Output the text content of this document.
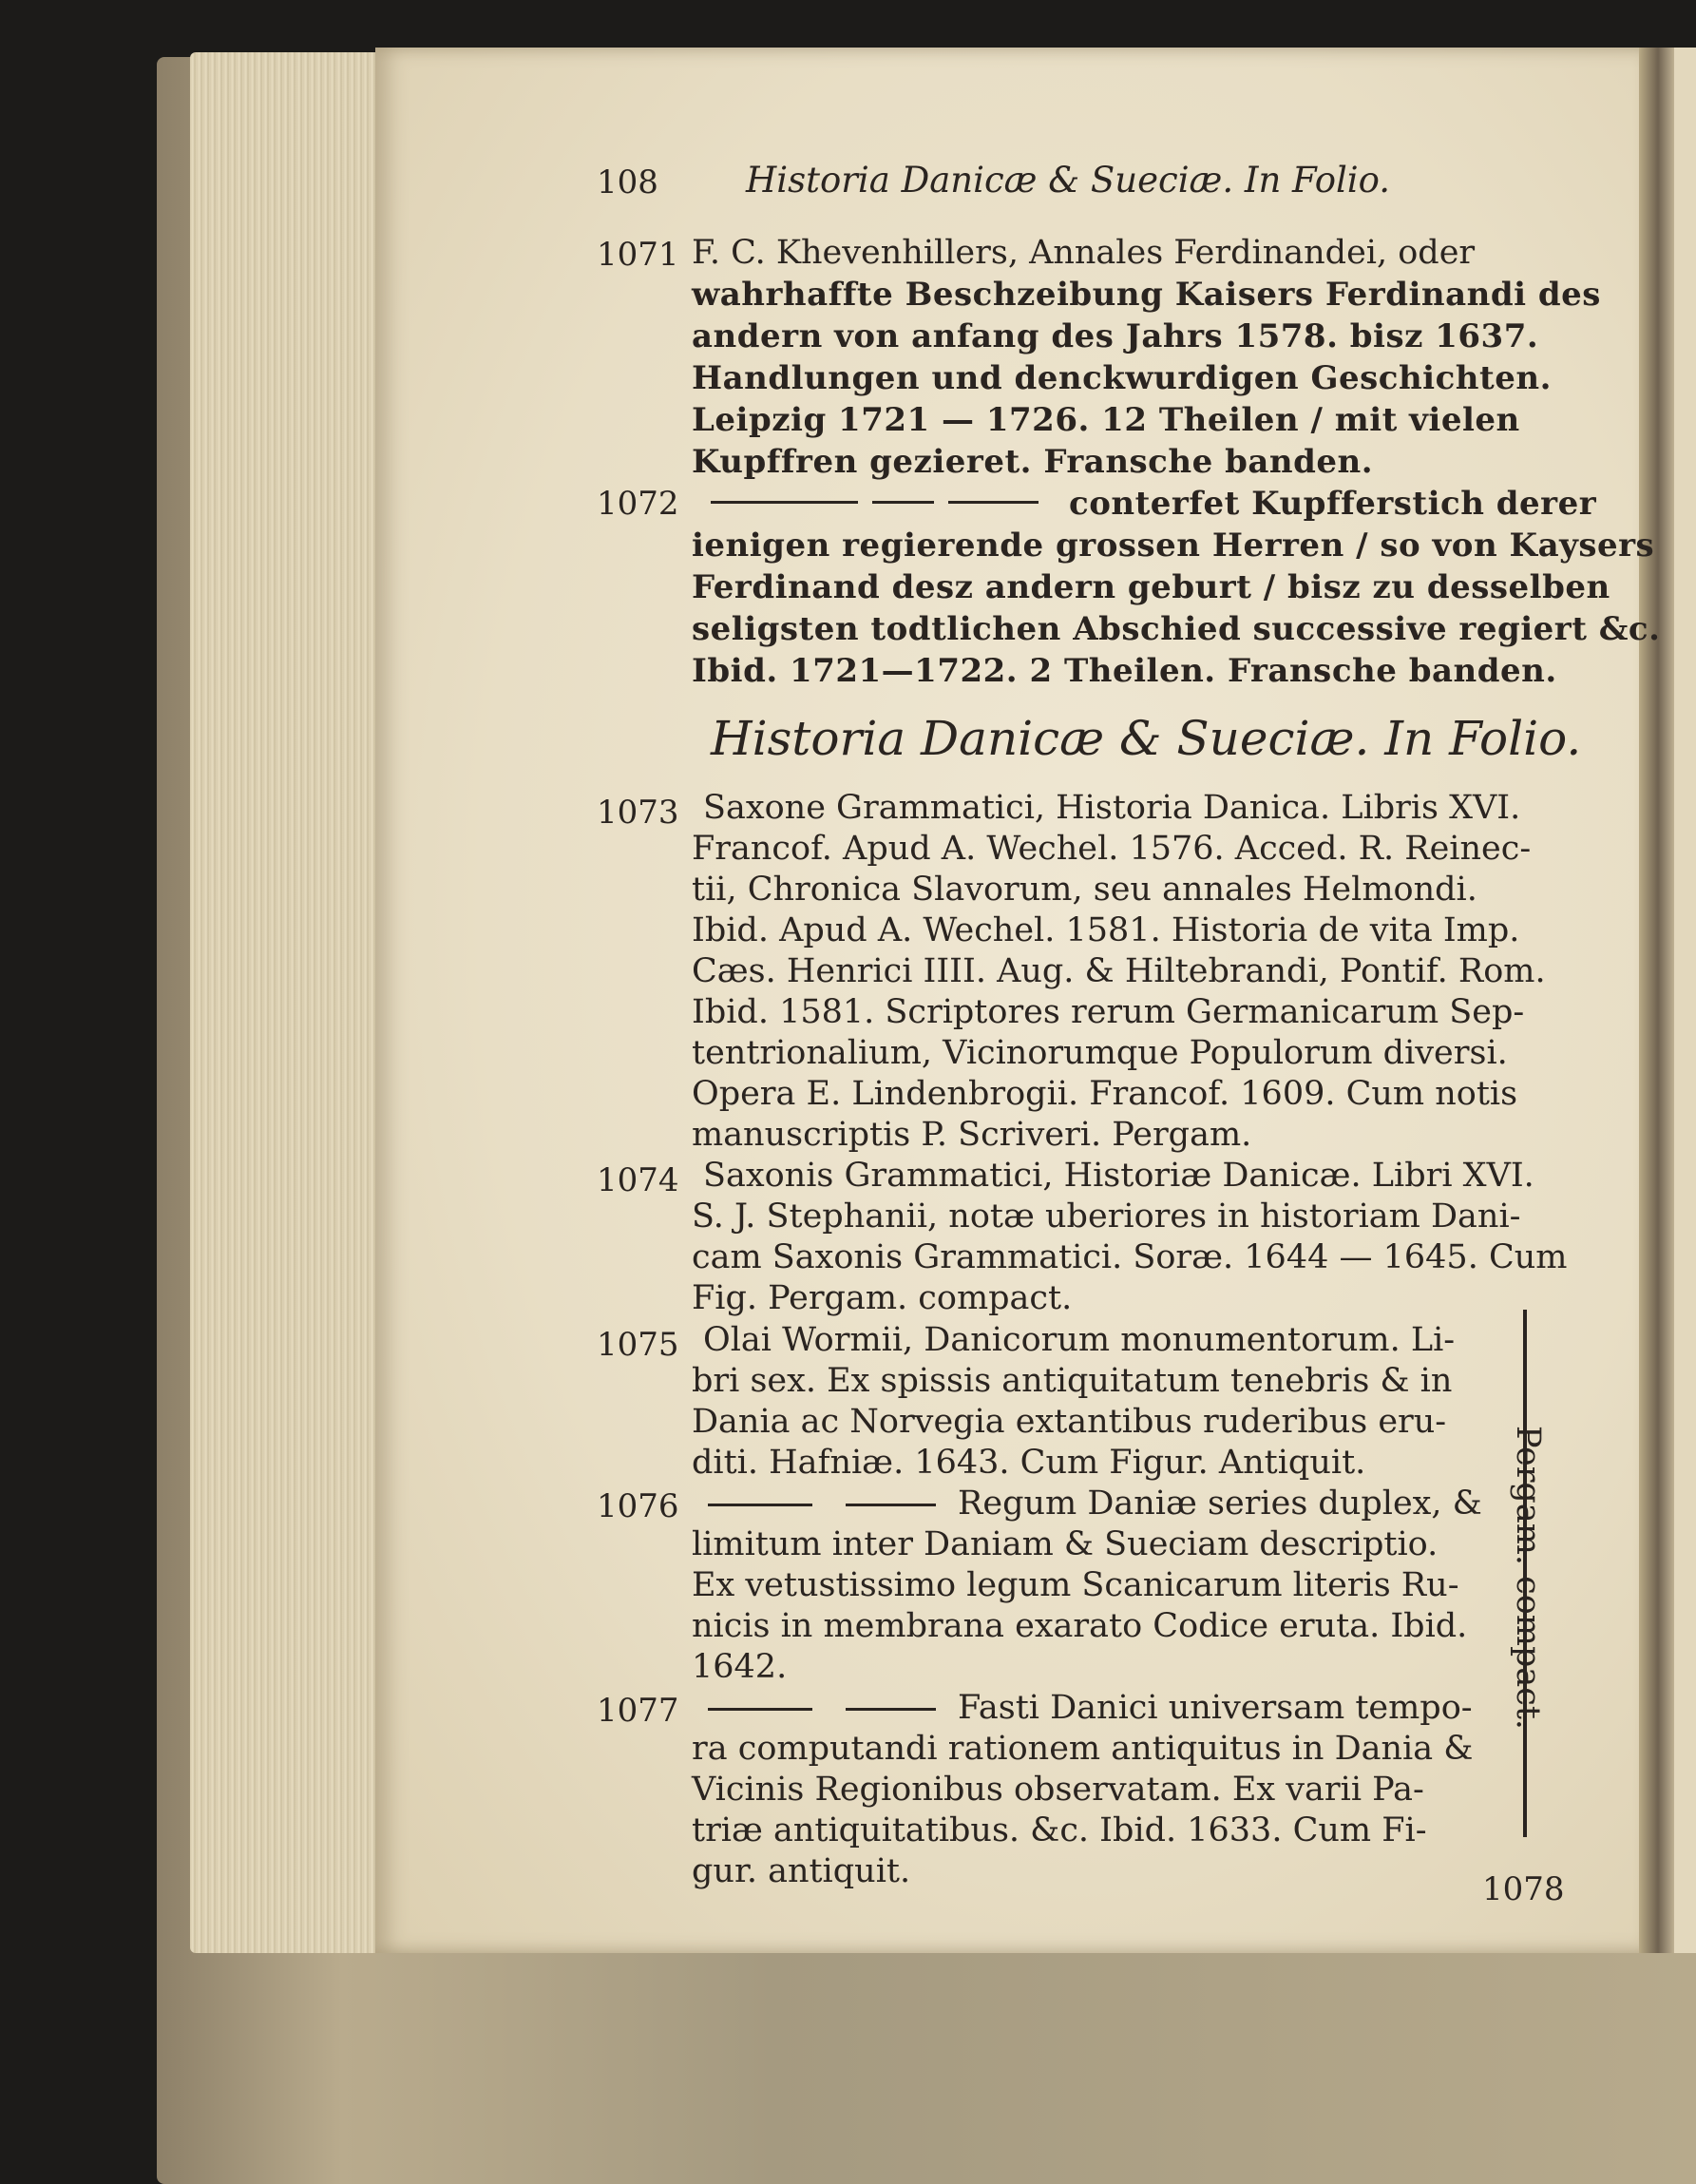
108 Historia Danicæ & Sueciæ. In Folio.
1071 F. C. Khevenhillers, Annales Ferdinandei, oder
wahrhaffte Beschzeibung Kaisers Ferdinandi des
andern von anfang des Jahrs 1578. bisz 1637.
Handlungen und denckwurdigen Geschichten.
Leipzig 1721 — 1726. 12 Theilen / mit vielen
Kupffren gezieret. Fransche banden.
1072	conterfet Kupfferstich derer
ienigen regierende grossen Herren / so von Kaysers
Ferdinand desz andern geburt / bisz zu desselben
seligsten todtlichen Abschied successive regiert &c.
Ibid. 1721—1722. 2 Theilen. Fransche banden.
Historia Danicæ & Sueciæ. In Folio.
1073 Saxone Grammatici, Historia Danica. Libris XVI.
Francof. Apud A. Wechel. 1576. Acced. R. Reinec-
tii, Chronica Slavorum, seu annales Helmondi.
Ibid. Apud A. Wechel. 1581. Historia de vita Imp.
Cæs. Henrici IIII. Aug. & Hiltebrandi, Pontif. Rom.
Ibid. 1581. Scriptores rerum Germanicarum Sep-
tentrionalium, Vicinorumque Populorum diversi.
Opera E. Lindenbrogii. Francof. 1609. Cum notis
manuscriptis P. Scriveri. Pergam.
1074 Saxonis Grammatici, Historiæ Danicæ. Libri XVI.
S. J. Stephanii, notæ uberiores in historiam Dani-
cam Saxonis Grammatici. Soræ. 1644 — 1645. Cum
Fig. Pergam. compact.
1075 Olai Wormii, Danicorum monumentorum. Li-
bri sex. Ex spissis antiquitatum tenebris & in
Dania ac Norvegia extantibus ruderibus eru-
diti. Hafniæ. 1643. Cum Figur. Antiquit.
1076	Regum Daniæ series duplex, &
limitum inter Daniam & Sueciam descriptio.
Ex vetustissimo legum Scanicarum literis Ru-
nicis in membrana exarato Codice eruta. Ibid.
1642.
1077	Fasti Danici universam tempo-
ra computandi rationem antiquitus in Dania &
Vicinis Regionibus observatam. Ex varii Pa-
triæ antiquitatibus. &c. Ibid. 1633. Cum Fi-
gur. antiquit.
Pergam. compact.
1078
